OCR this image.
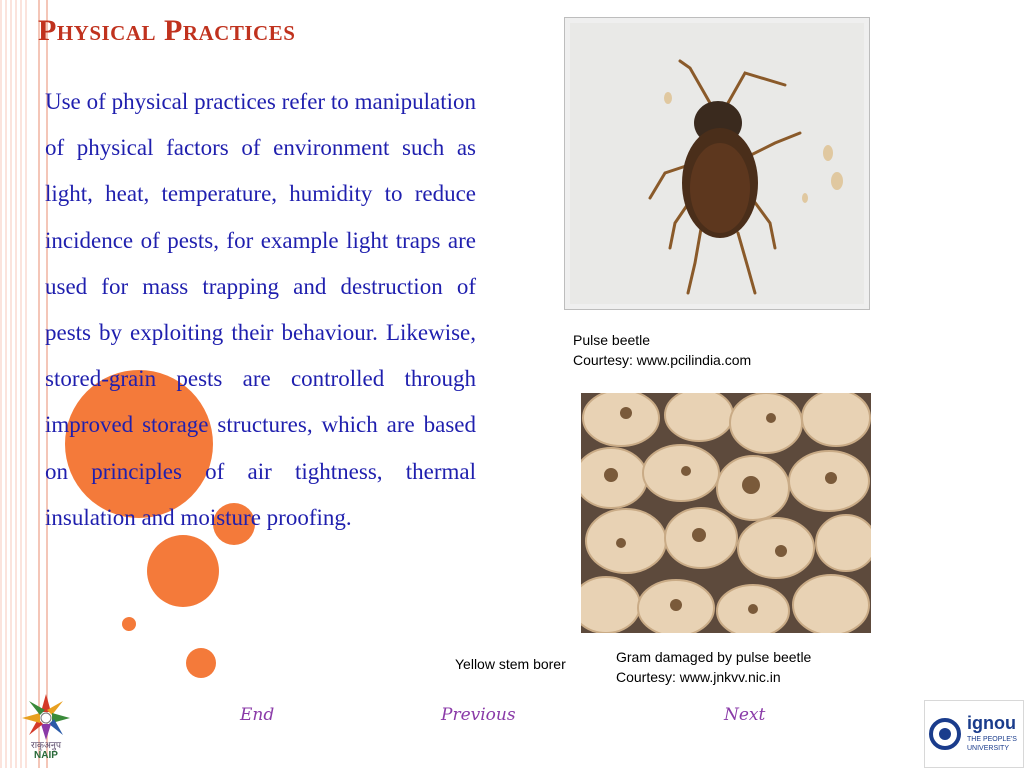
Physical Practices

Use of physical practices refer to manipulation of physical factors of environment such as light, heat, temperature, humidity to reduce incidence of pests, for example light traps are used for mass trapping and destruction of pests by exploiting their behaviour. Likewise, stored-grain pests are controlled through improved storage structures, which are based on principles of air tightness, thermal insulation and moisture proofing.

Pulse beetle

Courtesy: www.pcilindia.com

Yellow stem borer	Gram damaged by pulse beetle

Courtesy: www.jnkvv.nic.in

End	Previous	Next
राकृअनुप
NAIP
ignou
THE PEOPLE'S
UNIVERSITY
